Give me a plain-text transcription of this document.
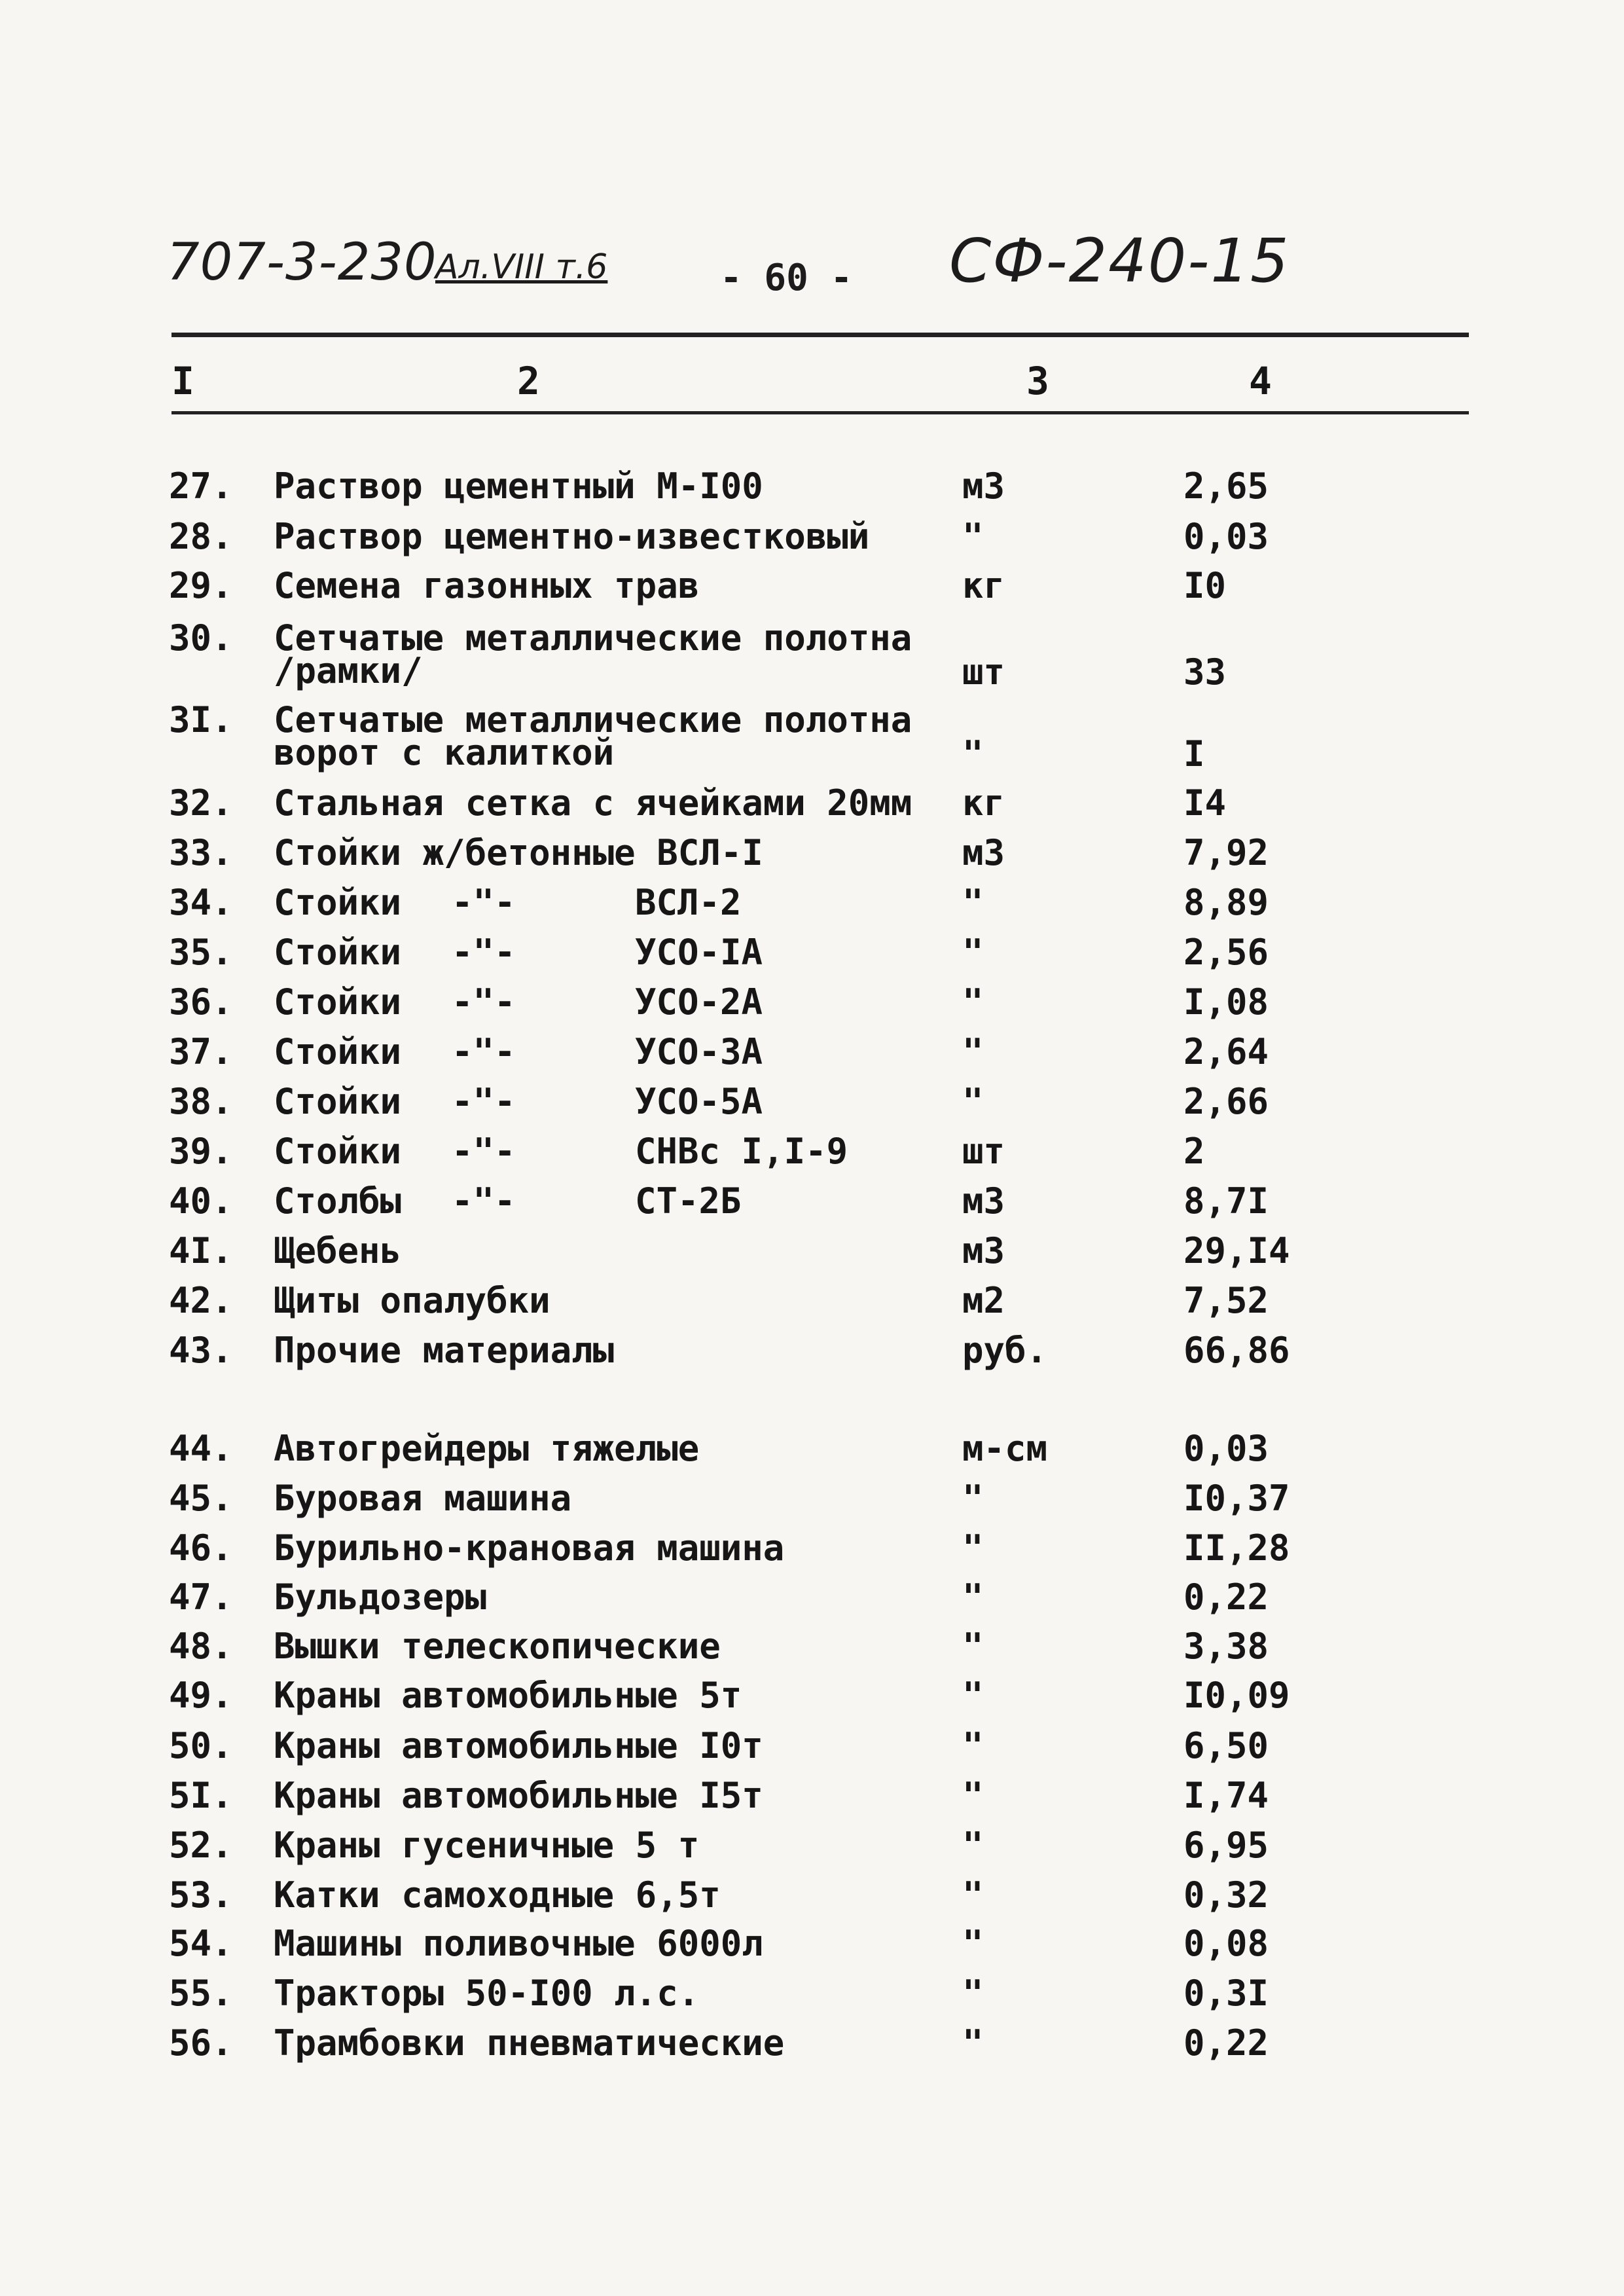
707-3-230
Ал.VIII т.6	- 60 - СФ-240-15
I	2	3	4
27. Раствор цементный М-I00	м3	2,65
28. Раствор цементно-известковый	"	0,03
29. Семена газонных трав	кг	I0
30. Сетчатые металлические полотна
/рамки/	шт	33
3I. Сетчатые металлические полотна
ворот с калиткой	"	I
32. Стальная сетка с ячейками 20мм кг	I4
33. Стойки ж/бетонные ВСЛ-I	м3	7,92
34. Стойки -"-	ВСЛ-2	"	8,89
35. Стойки -"-	УСО-IА	"	2,56
36. Стойки -"-	УСО-2А	"	I,08
37. Стойки -"-	УСО-3А	"	2,64
38. Стойки -"-	УСО-5А	"	2,66
39. Стойки -"-	СНВс I,I-9	шт	2
40. Столбы -"-	СТ-2Б	м3	8,7I
4I. Щебень	м3	29,I4
42. Щиты опалубки	м2	7,52
43. Прочие материалы	руб.	66,86
44. Автогрейдеры тяжелые	м-см	0,03
45. Буровая машина	"	I0,37
46. Бурильно-крановая машина	"	II,28
47. Бульдозеры	"	0,22
48. Вышки телескопические	"	3,38
49. Краны автомобильные 5т	"	I0,09
50. Краны автомобильные I0т	"	6,50
5I. Краны автомобильные I5т	"	I,74
52. Краны гусеничные 5 т	"	6,95
53. Катки самоходные 6,5т	"	0,32
54. Машины поливочные 6000л	"	0,08
55. Тракторы 50-I00 л.с.	"	0,3I
56. Трамбовки пневматические	"	0,22
